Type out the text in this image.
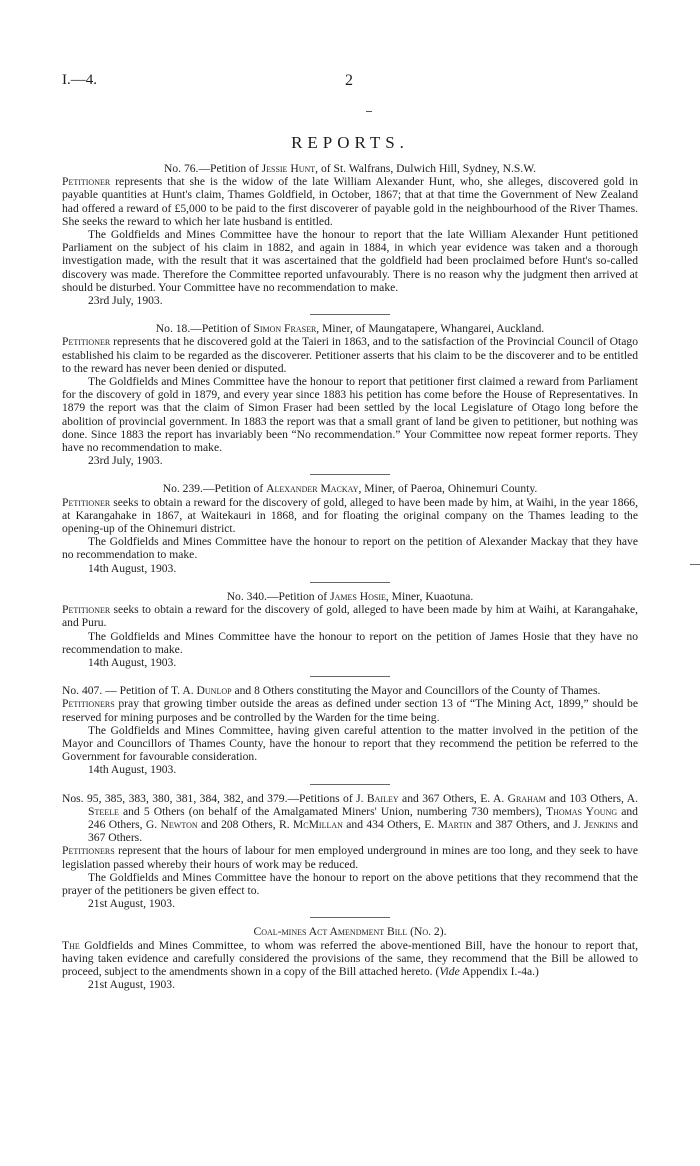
I.—4.	2
REPORTS.

No. 76.—Petition of Jessie Hunt, of St. Walfrans, Dulwich Hill, Sydney, N.S.W.

Petitioner represents that she is the widow of the late William Alexander Hunt, who, she alleges, discovered gold in payable quantities at Hunt's claim, Thames Goldfield, in October, 1867; that at that time the Government of New Zealand had offered a reward of £5,000 to be paid to the first discoverer of payable gold in the neighbourhood of the River Thames. She seeks the reward to which her late husband is entitled.

The Goldfields and Mines Committee have the honour to report that the late William Alexander Hunt petitioned Parliament on the subject of his claim in 1882, and again in 1884, in which year evidence was taken and a thorough investigation made, with the result that it was ascertained that the goldfield had been proclaimed before Hunt's so-called discovery was made. Therefore the Committee reported unfavourably. There is no reason why the judgment then arrived at should be disturbed. Your Committee have no recommendation to make.

23rd July, 1903.

No. 18.—Petition of Simon Fraser, Miner, of Maungatapere, Whangarei, Auckland.

Petitioner represents that he discovered gold at the Taieri in 1863, and to the satisfaction of the Provincial Council of Otago established his claim to be regarded as the discoverer. Petitioner asserts that his claim to be the discoverer and to be entitled to the reward has never been denied or disputed.

The Goldfields and Mines Committee have the honour to report that petitioner first claimed a reward from Parliament for the discovery of gold in 1879, and every year since 1883 his petition has come before the House of Representatives. In 1879 the report was that the claim of Simon Fraser had been settled by the local Legislature of Otago long before the abolition of provincial government. In 1883 the report was that a small grant of land be given to petitioner, but nothing was done. Since 1883 the report has invariably been “No recommendation.” Your Committee now repeat former reports. They have no recommendation to make.

23rd July, 1903.

No. 239.—Petition of Alexander Mackay, Miner, of Paeroa, Ohinemuri County.

Petitioner seeks to obtain a reward for the discovery of gold, alleged to have been made by him, at Waihi, in the year 1866, at Karangahake in 1867, at Waitekauri in 1868, and for floating the original company on the Thames leading to the opening-up of the Ohinemuri district.

The Goldfields and Mines Committee have the honour to report on the petition of Alexander Mackay that they have no recommendation to make.

14th August, 1903.

No. 340.—Petition of James Hosie, Miner, Kuaotuna.

Petitioner seeks to obtain a reward for the discovery of gold, alleged to have been made by him at Waihi, at Karangahake, and Puru.

The Goldfields and Mines Committee have the honour to report on the petition of James Hosie that they have no recommendation to make.

14th August, 1903.

No. 407. — Petition of T. A. Dunlop and 8 Others constituting the Mayor and Councillors of the County of Thames.

Petitioners pray that growing timber outside the areas as defined under section 13 of “The Mining Act, 1899,” should be reserved for mining purposes and be controlled by the Warden for the time being.

The Goldfields and Mines Committee, having given careful attention to the matter involved in the petition of the Mayor and Councillors of Thames County, have the honour to report that they recommend the petition be referred to the Government for favourable consideration.

14th August, 1903.

Nos. 95, 385, 383, 380, 381, 384, 382, and 379.—Petitions of J. Bailey and 367 Others, E. A. Graham and 103 Others, A. Steele and 5 Others (on behalf of the Amalgamated Miners' Union, numbering 730 members), Thomas Young and 246 Others, G. Newton and 208 Others, R. McMillan and 434 Others, E. Martin and 387 Others, and J. Jenkins and 367 Others.

Petitioners represent that the hours of labour for men employed underground in mines are too long, and they seek to have legislation passed whereby their hours of work may be reduced.

The Goldfields and Mines Committee have the honour to report on the above petitions that they recommend that the prayer of the petitioners be given effect to.

21st August, 1903.

Coal-mines Act Amendment Bill (No. 2).

The Goldfields and Mines Committee, to whom was referred the above-mentioned Bill, have the honour to report that, having taken evidence and carefully considered the provisions of the same, they recommend that the Bill be allowed to proceed, subject to the amendments shown in a copy of the Bill attached hereto. (Vide Appendix I.-4a.)

21st August, 1903.
